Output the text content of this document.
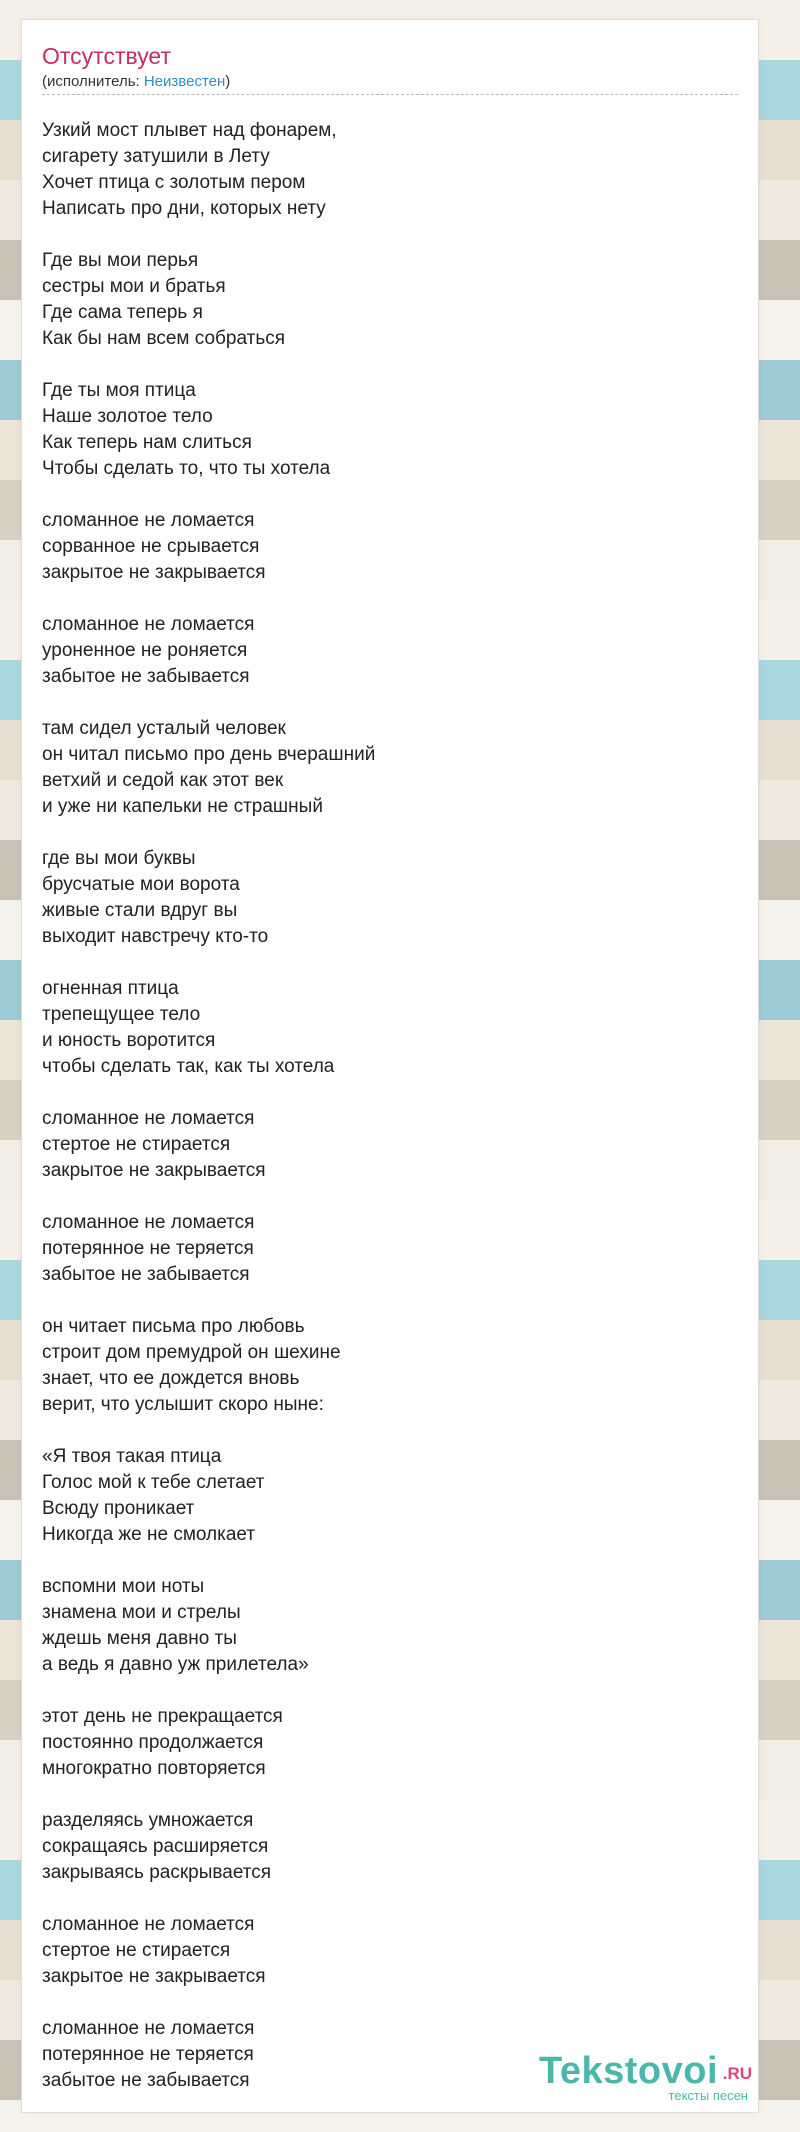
Отсутствует
(исполнитель: Неизвестен)
Узкий мост плывет над фонарем,
сигарету затушили в Лету
Хочет птица с золотым пером
Написать про дни, которых нету
Где вы мои перья
сестры мои и братья
Где сама теперь я
Как бы нам всем собраться
Где ты моя птица
Наше золотое тело
Как теперь нам слиться
Чтобы сделать то, что ты хотела
сломанное не ломается
сорванное не срывается
закрытое не закрывается
сломанное не ломается
уроненное не роняется
забытое не забывается
там сидел усталый человек
он читал письмо про день вчерашний
ветхий и седой как этот век
и уже ни капельки не страшный
где вы мои буквы
брусчатые мои ворота
живые стали вдруг вы
выходит навстречу кто-то
огненная птица
трепещущее тело
и юность воротится
чтобы сделать так, как ты хотела
сломанное не ломается
стертое не стирается
закрытое не закрывается
сломанное не ломается
потерянное не теряется
забытое не забывается
он читает письма про любовь
строит дом премудрой он шехине
знает, что ее дождется вновь
верит, что услышит скоро ныне:
«Я твоя такая птица
Голос мой к тебе слетает
Всюду проникает
Никогда же не смолкает
вспомни мои ноты
знамена мои и стрелы
ждешь меня давно ты
а ведь я давно уж прилетела»
этот день не прекращается
постоянно продолжается
многократно повторяется
разделяясь умножается
сокращаясь расширяется
закрываясь раскрывается
сломанное не ломается
стертое не стирается
закрытое не закрывается
сломанное не ломается
потерянное не теряется
забытое не забывается	Tekstovoi .RU
тексты песен
